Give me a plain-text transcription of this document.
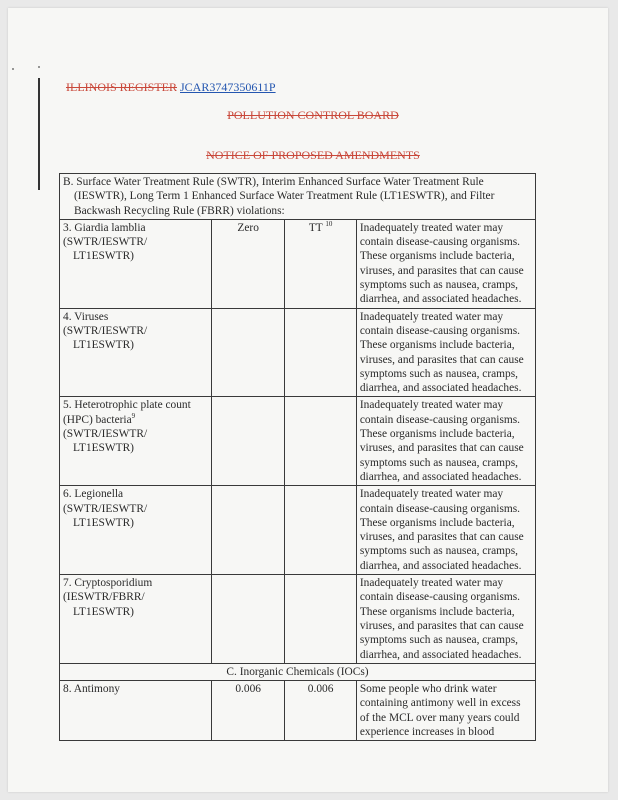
ILLINOIS REGISTER JCAR3747350611P
POLLUTION CONTROL BOARD
NOTICE OF PROPOSED AMENDMENTS
B. Surface Water Treatment Rule (SWTR), Interim Enhanced Surface Water Treatment Rule (IESWTR), Long Term 1 Enhanced Surface Water Treatment Rule (LT1ESWTR), and Filter Backwash Recycling Rule (FBRR) violations:			
3. Giardia lamblia
(SWTR/IESWTR/ LT1ESWTR)	Zero	TT $^{10}$	Inadequately treated water may contain disease-causing organisms. These organisms include bacteria, viruses, and parasites that can cause symptoms such as nausea, cramps, diarrhea, and associated headaches.
4. Viruses
(SWTR/IESWTR/ LT1ESWTR)			Inadequately treated water may contain disease-causing organisms. These organisms include bacteria, viruses, and parasites that can cause symptoms such as nausea, cramps, diarrhea, and associated headaches.
5. Heterotrophic plate count (HPC) bacteria$^9$
(SWTR/IESWTR/ LT1ESWTR)			Inadequately treated water may contain disease-causing organisms. These organisms include bacteria, viruses, and parasites that can cause symptoms such as nausea, cramps, diarrhea, and associated headaches.
6. Legionella
(SWTR/IESWTR/ LT1ESWTR)			Inadequately treated water may contain disease-causing organisms. These organisms include bacteria, viruses, and parasites that can cause symptoms such as nausea, cramps, diarrhea, and associated headaches.
7. Cryptosporidium
(IESWTR/FBRR/ LT1ESWTR)			Inadequately treated water may contain disease-causing organisms. These organisms include bacteria, viruses, and parasites that can cause symptoms such as nausea, cramps, diarrhea, and associated headaches.
C. Inorganic Chemicals (IOCs)			
8. Antimony	0.006	0.006	Some people who drink water containing antimony well in excess of the MCL over many years could experience increases in blood
